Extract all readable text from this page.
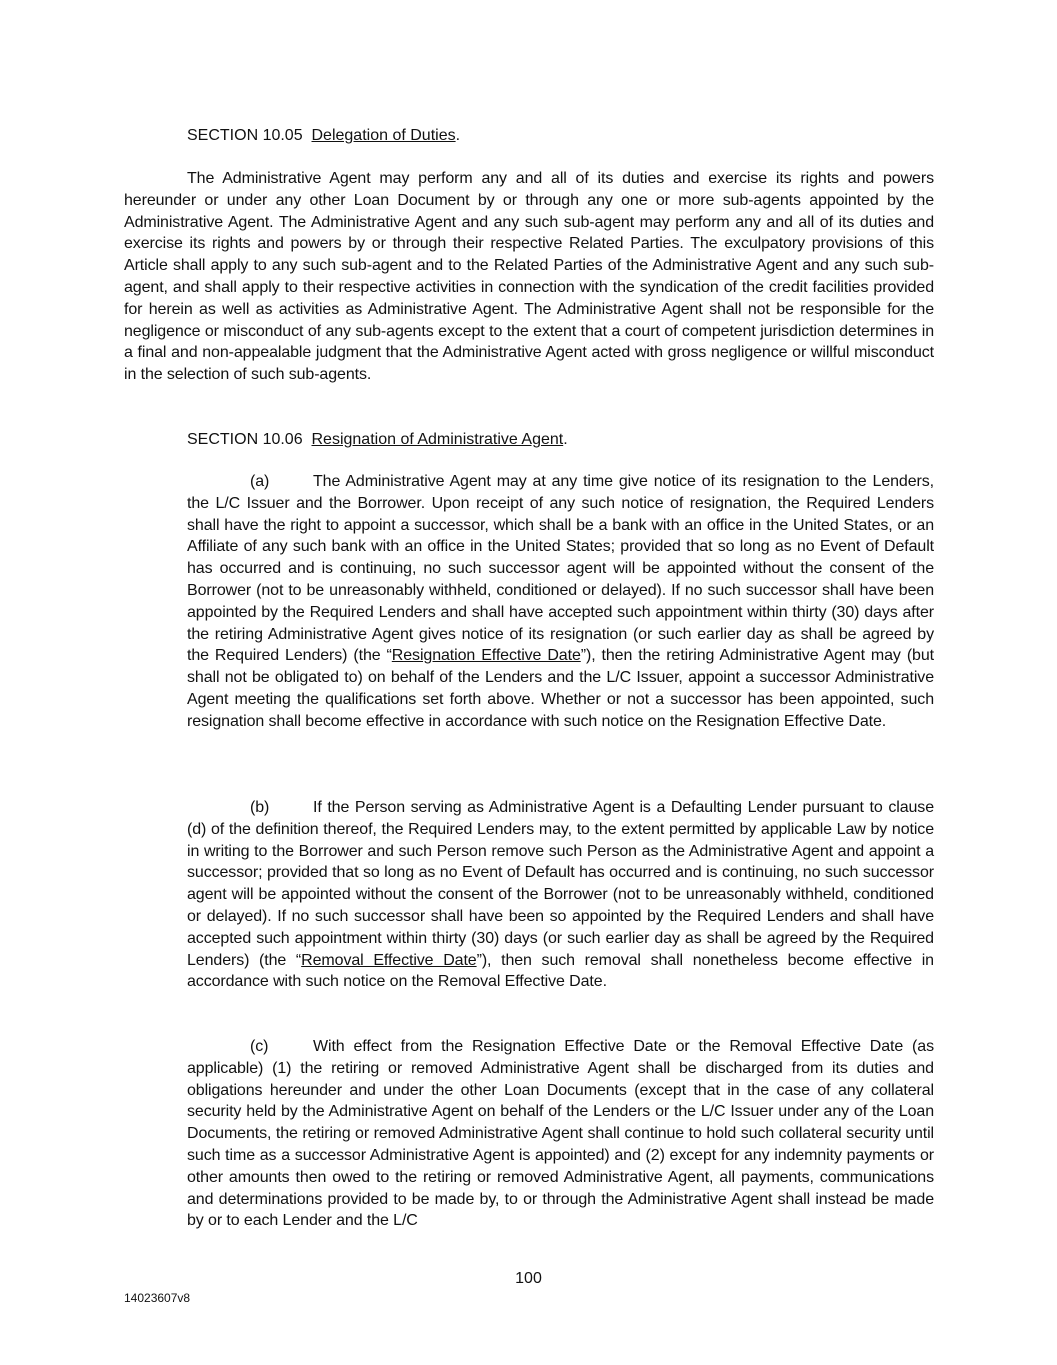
SECTION 10.05 Delegation of Duties.
The Administrative Agent may perform any and all of its duties and exercise its rights and powers hereunder or under any other Loan Document by or through any one or more sub-agents appointed by the Administrative Agent. The Administrative Agent and any such sub-agent may perform any and all of its duties and exercise its rights and powers by or through their respective Related Parties. The exculpatory provisions of this Article shall apply to any such sub-agent and to the Related Parties of the Administrative Agent and any such sub-agent, and shall apply to their respective activities in connection with the syndication of the credit facilities provided for herein as well as activities as Administrative Agent. The Administrative Agent shall not be responsible for the negligence or misconduct of any sub-agents except to the extent that a court of competent jurisdiction determines in a final and non-appealable judgment that the Administrative Agent acted with gross negligence or willful misconduct in the selection of such sub-agents.
SECTION 10.06 Resignation of Administrative Agent.
(a)	The Administrative Agent may at any time give notice of its resignation to the Lenders, the L/C Issuer and the Borrower. Upon receipt of any such notice of resignation, the Required Lenders shall have the right to appoint a successor, which shall be a bank with an office in the United States, or an Affiliate of any such bank with an office in the United States; provided that so long as no Event of Default has occurred and is continuing, no such successor agent will be appointed without the consent of the Borrower (not to be unreasonably withheld, conditioned or delayed). If no such successor shall have been appointed by the Required Lenders and shall have accepted such appointment within thirty (30) days after the retiring Administrative Agent gives notice of its resignation (or such earlier day as shall be agreed by the Required Lenders) (the “Resignation Effective Date”), then the retiring Administrative Agent may (but shall not be obligated to) on behalf of the Lenders and the L/C Issuer, appoint a successor Administrative Agent meeting the qualifications set forth above. Whether or not a successor has been appointed, such resignation shall become effective in accordance with such notice on the Resignation Effective Date.
(b)	If the Person serving as Administrative Agent is a Defaulting Lender pursuant to clause (d) of the definition thereof, the Required Lenders may, to the extent permitted by applicable Law by notice in writing to the Borrower and such Person remove such Person as the Administrative Agent and appoint a successor; provided that so long as no Event of Default has occurred and is continuing, no such successor agent will be appointed without the consent of the Borrower (not to be unreasonably withheld, conditioned or delayed). If no such successor shall have been so appointed by the Required Lenders and shall have accepted such appointment within thirty (30) days (or such earlier day as shall be agreed by the Required Lenders) (the “Removal Effective Date”), then such removal shall nonetheless become effective in accordance with such notice on the Removal Effective Date.
(c)	With effect from the Resignation Effective Date or the Removal Effective Date (as applicable) (1) the retiring or removed Administrative Agent shall be discharged from its duties and obligations hereunder and under the other Loan Documents (except that in the case of any collateral security held by the Administrative Agent on behalf of the Lenders or the L/C Issuer under any of the Loan Documents, the retiring or removed Administrative Agent shall continue to hold such collateral security until such time as a successor Administrative Agent is appointed) and (2) except for any indemnity payments or other amounts then owed to the retiring or removed Administrative Agent, all payments, communications and determinations provided to be made by, to or through the Administrative Agent shall instead be made by or to each Lender and the L/C
100
14023607v8
